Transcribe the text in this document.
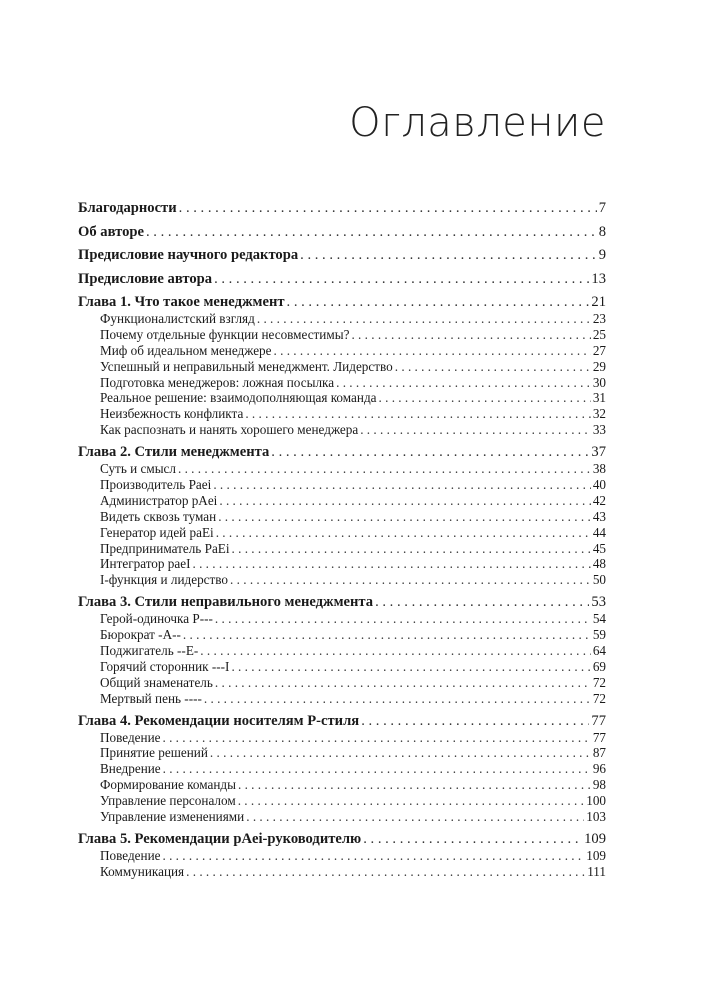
Оглавление
Благодарности . . .	7
Об авторе . . .	8
Предисловие научного редактора . . .	9
Предисловие автора . . .	13
Глава 1. Что такое менеджмент . . .	21
Функционалистский взгляд . . .	23
Почему отдельные функции несовместимы? . . .	25
Миф об идеальном менеджере . . .	27
Успешный и неправильный менеджмент. Лидерство . . .	29
Подготовка менеджеров: ложная посылка . . .	30
Реальное решение: взаимодополняющая команда . . .	31
Неизбежность конфликта . . .	32
Как распознать и нанять хорошего менеджера . . .	33
Глава 2. Стили менеджмента . . .	37
Суть и смысл . . .	38
Производитель Paei . . .	40
Администратор pAei . . .	42
Видеть сквозь туман . . .	43
Генератор идей paEi . . .	44
Предприниматель PaEi . . .	45
Интегратор paeI . . .	48
I-функция и лидерство . . .	50
Глава 3. Стили неправильного менеджмента . . .	53
Герой-одиночка P--- . . .	54
Бюрократ -A-- . . .	59
Поджигатель --E- . . .	64
Горячий сторонник ---I . . .	69
Общий знаменатель . . .	72
Мертвый пень ---- . . .	72
Глава 4. Рекомендации носителям P-стиля . . .	77
Поведение . . .	77
Принятие решений . . .	87
Внедрение . . .	96
Формирование команды . . .	98
Управление персоналом . . .	100
Управление изменениями . . .	103
Глава 5. Рекомендации pAei-руководителю . . .	109
Поведение . . .	109
Коммуникация . . .	111
